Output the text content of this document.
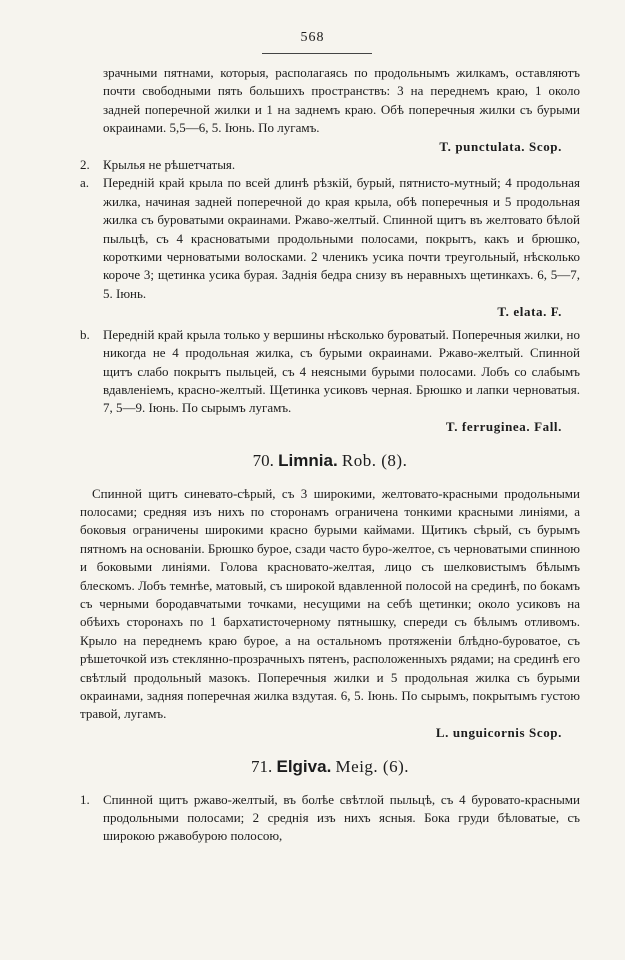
568

зрачными пятнами, которыя, располагаясь по продольнымъ жилкамъ, оставляютъ почти свободными пять большихъ пространствъ: 3 на переднемъ краю, 1 около задней поперечной жилки и 1 на заднемъ краю. Обѣ поперечныя жилки съ бурыми окраинами. 5,5—6, 5. Іюнь. По лугамъ.

T. punctulata. Scop.

2.	Крылья не рѣшетчатыя.
a.	Передній край крыла по всей длинѣ рѣзкій, бурый, пятнисто-мутный; 4 продольная жилка, начиная задней поперечной до края крыла, обѣ поперечныя и 5 продольная жилка съ буроватыми окраинами. Ржаво-желтый. Спинной щитъ въ желтовато бѣлой пыльцѣ, съ 4 красноватыми продольными полосами, покрытъ, какъ и брюшко, короткими черноватыми волосками. 2 членикъ усика почти треугольный, нѣсколько короче 3; щетинка усика бурая. Заднія бедра снизу въ неравныхъ щетинкахъ. 6, 5—7, 5. Іюнь.

T. elata. F.

b.	Передній край крыла только у вершины нѣсколько буроватый. Поперечныя жилки, но никогда не 4 продольная жилка, съ бурыми окраинами. Ржаво-желтый. Спинной щитъ слабо покрытъ пыльцей, съ 4 неясными бурыми полосами. Лобъ со слабымъ вдавленіемъ, красно-желтый. Щетинка усиковъ черная. Брюшко и лапки черноватыя. 7, 5—9. Іюнь. По сырымъ лугамъ.

T. ferruginea. Fall.

70. Limnia. Rob. (8).

Спинной щитъ синевато-сѣрый, съ 3 широкими, желтовато-красными продольными полосами; средняя изъ нихъ по сторонамъ ограничена тонкими красными линіями, а боковыя ограничены широкими красно бурыми каймами. Щитикъ сѣрый, съ бурымъ пятномъ на основаніи. Брюшко бурое, сзади часто буро-желтое, съ черноватыми спинною и боковыми линіями. Голова красновато-желтая, лицо съ шелковистымъ бѣлымъ блескомъ. Лобъ темнѣе, матовый, съ широкой вдавленной полосой на срединѣ, по бокамъ съ черными бородавчатыми точками, несущими на себѣ щетинки; около усиковъ на обѣихъ сторонахъ по 1 бархатисточерному пятнышку, спереди съ бѣлымъ отливомъ. Крыло на переднемъ краю бурое, а на остальномъ протяженіи блѣдно-буроватое, съ рѣшеточкой изъ стеклянно-прозрачныхъ пятенъ, расположенныхъ рядами; на срединѣ его свѣтлый продольный мазокъ. Поперечныя жилки и 5 продольная жилка съ бурыми окраинами, задняя поперечная жилка вздутая. 6, 5. Іюнь. По сырымъ, покрытымъ густою травой, лугамъ.

L. unguicornis Scop.

71. Elgiva. Meig. (6).
1.	Спинной щитъ ржаво-желтый, въ болѣе свѣтлой пыльцѣ, съ 4 буровато-красными продольными полосами; 2 среднія изъ нихъ ясныя. Бока груди бѣловатые, съ широкою ржавобурою полосою,
